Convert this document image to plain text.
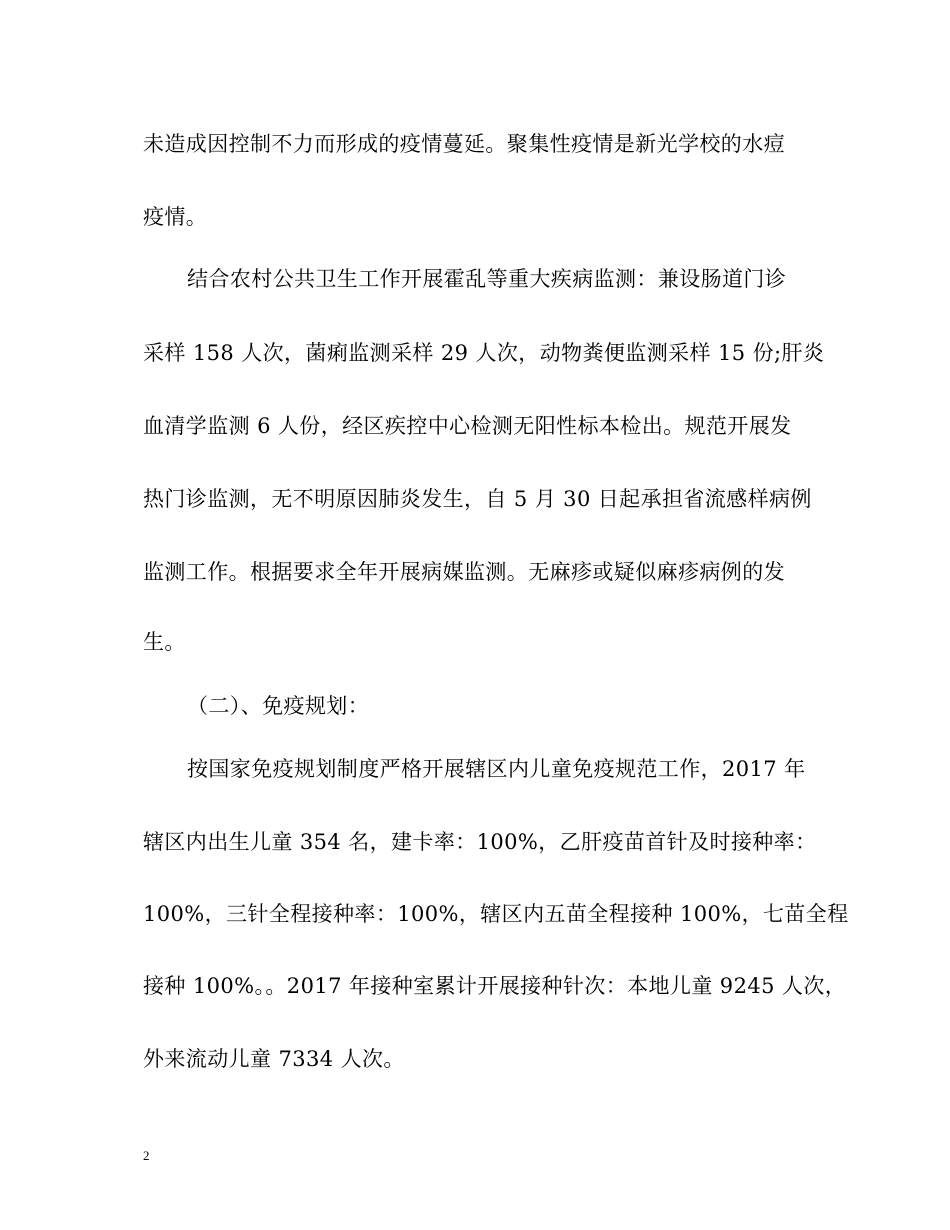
未造成因控制不力而形成的疫情蔓延。聚集性疫情是新光学校的水痘
疫情。
结合农村公共卫生工作开展霍乱等重大疾病监测：兼设肠道门诊
采样 158 人次，菌痢监测采样 29 人次，动物粪便监测采样 15 份;肝炎
血清学监测 6 人份，经区疾控中心检测无阳性标本检出。规范开展发
热门诊监测，无不明原因肺炎发生，自 5 月 30 日起承担省流感样病例
监测工作。根据要求全年开展病媒监测。无麻疹或疑似麻疹病例的发
生。
（二）、免疫规划：
按国家免疫规划制度严格开展辖区内儿童免疫规范工作，2017 年
辖区内出生儿童 354 名，建卡率：100%，乙肝疫苗首针及时接种率：
100%，三针全程接种率：100%，辖区内五苗全程接种 100%，七苗全程
接种 100%。。2017 年接种室累计开展接种针次：本地儿童 9245 人次，
外来流动儿童 7334 人次。
2
